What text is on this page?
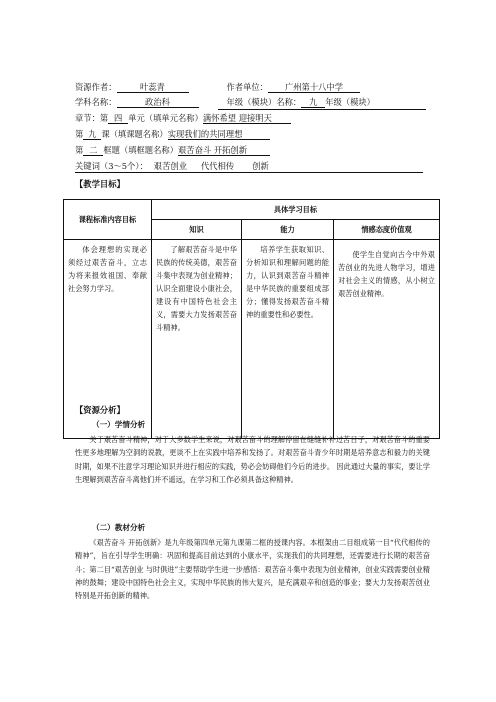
资源作者：	叶蕊青	作者单位： 广州第十八中学
学科名称：	政治科	年级（模块）名称： 九 年级（模块）
章节：第 四 单元（填单元名称）满怀希望 迎接明天
第 九 课（填课题名称）实现我们的共同理想
第 二 框题（填框题名称）艰苦奋斗 开拓创新
关键词（3～5个）： 艰苦创业 代代相传 创新
【教学目标】
课程标准内容目标	具体学习目标		
	知识	能力	情感态度价值观
体会理想的实现必须经过艰苦奋斗，立志为将来报效祖国、奉献社会努力学习。	了解艰苦奋斗是中华民族的传统美德，艰苦奋斗集中表现为创业精神；认识全面建设小康社会，建设有中国特色社会主义，需要大力发扬艰苦奋斗精神。	培养学生获取知识、分析知识和理解问题的能力，认识到艰苦奋斗精神是中华民族的重要组成部分；懂得发扬艰苦奋斗精神的重要性和必要性。	使学生自觉向古今中外艰苦创业的先进人物学习，增进对社会主义的情感，从小树立艰苦创业精神。
【资源分析】
（一）学情分析
关于艰苦奋斗精神，对于大多数学生来说，对艰苦奋斗的理解停留在缝缝补补过苦日子，对艰苦奋斗的重要性更多地理解为空洞的说教，更谈不上在实践中培养和发扬了。对艰苦奋斗青少年时期是培养意志和毅力的关键时期，如果不注意学习理论知识并进行相应的实践，势必会妨碍他们今后的进步。 因此通过大量的事实，要让学生理解到艰苦奋斗离他们并不遥远，在学习和工作必须具备这种精神。
（二）教材分析
《艰苦奋斗 开拓创新》是九年级第四单元第九课第二框的授课内容。本框架由二目组成第一目“代代相传的精神”，旨在引导学生明确：巩固和提高目前达到的小康水平，实现我们的共同理想，还需要进行长期的艰苦奋斗；第二目“艰苦创业 与时俱进”主要帮助学生进一步感悟：艰苦奋斗集中表现为创业精神，创业实践需要创业精神的鼓舞；建设中国特色社会主义，实现中华民族的伟大复兴，是充满艰辛和创造的事业；要大力发扬艰苦创业特别是开拓创新的精神。
